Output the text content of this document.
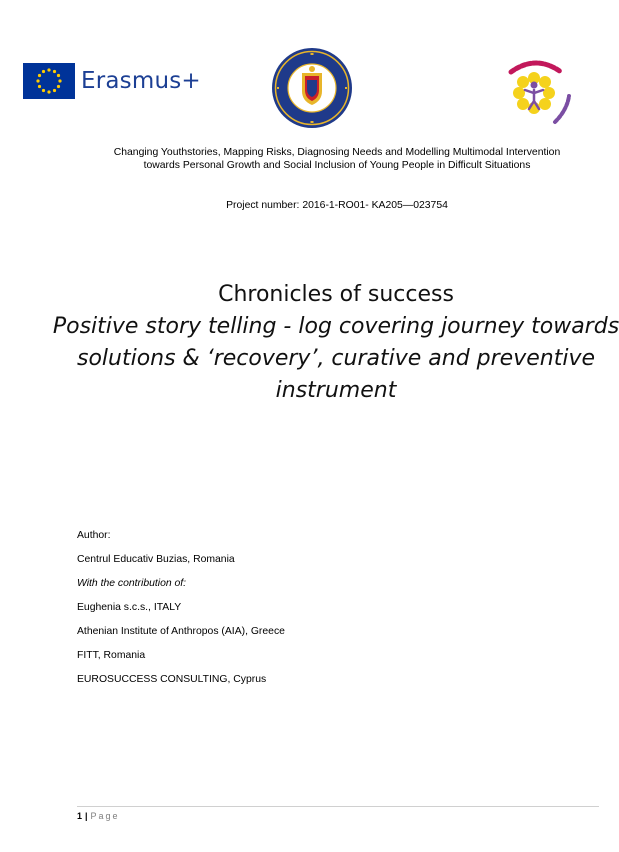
Erasmus+
Changing Youthstories, Mapping Risks, Diagnosing Needs and Modelling Multimodal Intervention towards Personal Growth and Social Inclusion of Young People in Difficult Situations
Project number: 2016-1-RO01- KA205—023754
Chronicles of success
Positive story telling - log covering journey towards solutions & ‘recovery’, curative and preventive instrument
Author:
Centrul Educativ Buzias, Romania
With the contribution of:
Eughenia s.c.s., ITALY
Athenian Institute of Anthropos (AIA), Greece
FITT, Romania
EUROSUCCESS CONSULTING, Cyprus
1 | Page
